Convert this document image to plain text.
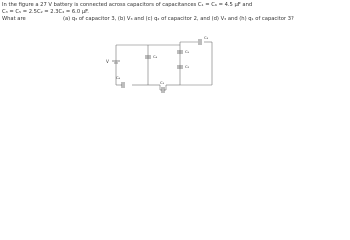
In the figure a 27 V battery is connected across capacitors of capacitances C₁ = C₆ = 4.5 μF and
C₃ = C₅ = 2.5C₂ = 2.3C₄ = 6.0 μF.
What are	(a) q₃ of capacitor 3, (b) V₃ and (c) q₂ of capacitor 2, and (d) V₃ and (h) q₁ of capacitor 3?
V
C₄
C₆
C₁
C₅
C₂
C₃
